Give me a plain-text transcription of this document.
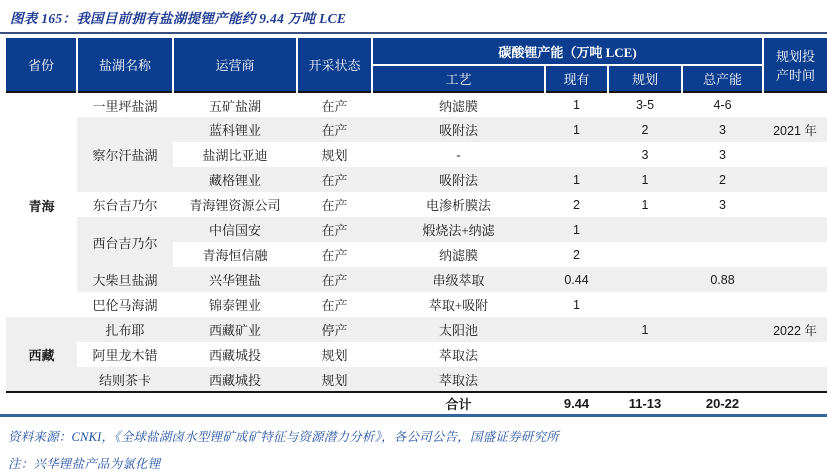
图表 165：我国目前拥有盐湖提锂产能约 9.44 万吨 LCE
省份	盐湖名称	运营商	开采状态	碳酸锂产能（万吨 LCE)				规划投产时间
				工艺	现有	规划	总产能	
青海	一里坪盐湖	五矿盐湖	在产	纳滤膜	1	3-5	4-6	
	察尔汗盐湖	蓝科锂业	在产	吸附法	1	2	3	2021 年
		盐湖比亚迪	规划	-		3	3	
		藏格锂业	在产	吸附法	1	1	2	
	东台吉乃尔	青海锂资源公司	在产	电渗析膜法	2	1	3	
	西台吉乃尔	中信国安	在产	煅烧法+纳滤	1			
		青海恒信融	在产	纳滤膜	2			
	大柴旦盐湖	兴华锂盐	在产	串级萃取	0.44		0.88	
	巴伦马海湖	锦泰锂业	在产	萃取+吸附	1			
西藏	扎布耶	西藏矿业	停产	太阳池		1		2022 年
	阿里龙木错	西藏城投	规划	萃取法				
	结则茶卡	西藏城投	规划	萃取法				
				合计	9.44	11-13	20-22	
资料来源：CNKI，《全球盐湖卤水型锂矿成矿特征与资源潜力分析》，各公司公告，国盛证券研究所
注：兴华锂盐产品为氯化锂
